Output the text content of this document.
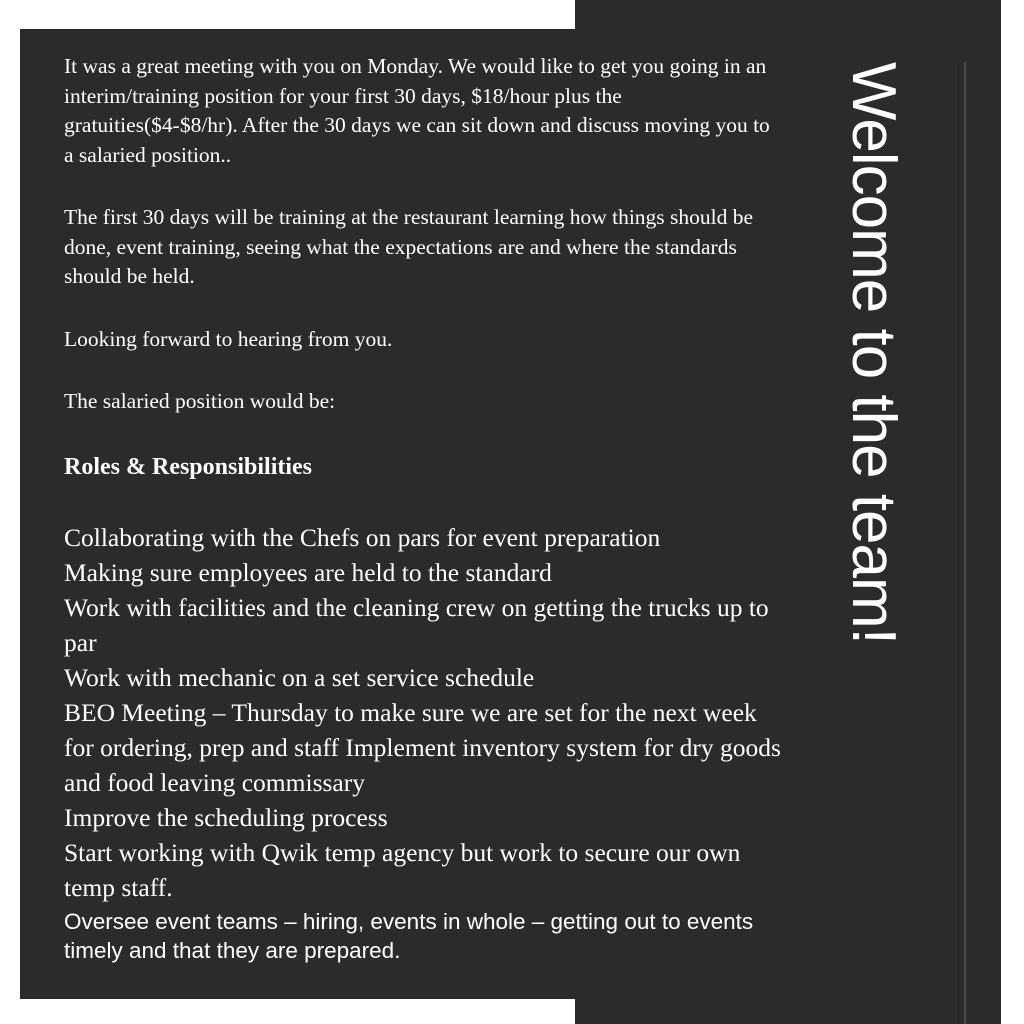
It was a great meeting with you on Monday. We would like to get you going in an interim/training position for your first 30 days, $18/hour plus the gratuities($4-$8/hr). After the 30 days we can sit down and discuss moving you to a salaried position..

The first 30 days will be training at the restaurant learning how things should be done, event training, seeing what the expectations are and where the standards should be held.

Looking forward to hearing from you.

The salaried position would be:

Roles & Responsibilities
Collaborating with the Chefs on pars for event preparation
Making sure employees are held to the standard
Work with facilities and the cleaning crew on getting the trucks up to par
Work with mechanic on a set service schedule
BEO Meeting – Thursday to make sure we are set for the next week for ordering, prep and staff Implement inventory system for dry goods and food leaving commissary
Improve the scheduling process
Start working with Qwik temp agency but work to secure our own temp staff.
Oversee event teams – hiring, events in whole – getting out to events timely and that they are prepared.
Welcome to the team!
